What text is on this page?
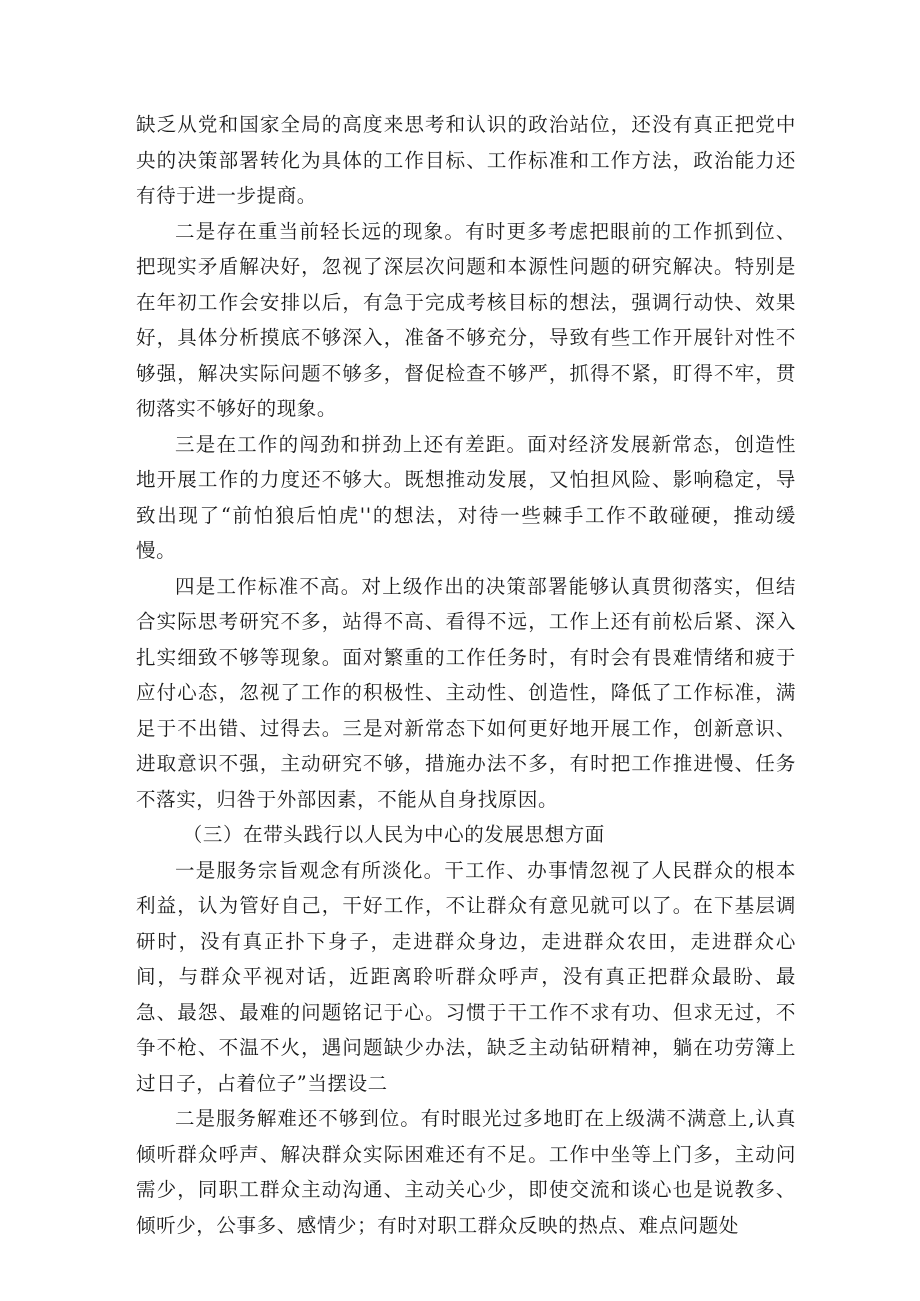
缺乏从党和国家全局的高度来思考和认识的政治站位，还没有真正把党中央的决策部署转化为具体的工作目标、工作标准和工作方法，政治能力还有待于进一步提商。

二是存在重当前轻长远的现象。有时更多考虑把眼前的工作抓到位、把现实矛盾解决好，忽视了深层次问题和本源性问题的研究解决。特别是在年初工作会安排以后，有急于完成考核目标的想法，强调行动快、效果好，具体分析摸底不够深入，准备不够充分，导致有些工作开展针对性不够强，解决实际问题不够多，督促检查不够严，抓得不紧，盯得不牢，贯彻落实不够好的现象。

三是在工作的闯劲和拼劲上还有差距。面对经济发展新常态，创造性地开展工作的力度还不够大。既想推动发展，又怕担风险、影响稳定，导致出现了“前怕狼后怕虎''的想法，对待一些棘手工作不敢碰硬，推动缓慢。

四是工作标准不高。对上级作出的决策部署能够认真贯彻落实，但结合实际思考研究不多，站得不高、看得不远，工作上还有前松后紧、深入扎实细致不够等现象。面对繁重的工作任务时，有时会有畏难情绪和疲于应付心态，忽视了工作的积极性、主动性、创造性，降低了工作标准，满足于不出错、过得去。三是对新常态下如何更好地开展工作，创新意识、进取意识不强，主动研究不够，措施办法不多，有时把工作推进慢、任务不落实，归咎于外部因素，不能从自身找原因。

（三）在带头践行以人民为中心的发展思想方面

一是服务宗旨观念有所淡化。干工作、办事情忽视了人民群众的根本利益，认为管好自己，干好工作，不让群众有意见就可以了。在下基层调研时，没有真正扑下身子，走进群众身边，走进群众农田，走进群众心间，与群众平视对话，近距离聆听群众呼声，没有真正把群众最盼、最急、最怨、最难的问题铭记于心。习惯于干工作不求有功、但求无过，不争不枪、不温不火，遇问题缺少办法，缺乏主动钻研精神，躺在功劳簿上过日子，占着位子”当摆设二

二是服务解难还不够到位。有时眼光过多地盯在上级满不满意上,认真倾听群众呼声、解决群众实际困难还有不足。工作中坐等上门多，主动问需少，同职工群众主动沟通、主动关心少，即使交流和谈心也是说教多、倾听少，公事多、感情少；有时对职工群众反映的热点、难点问题处
